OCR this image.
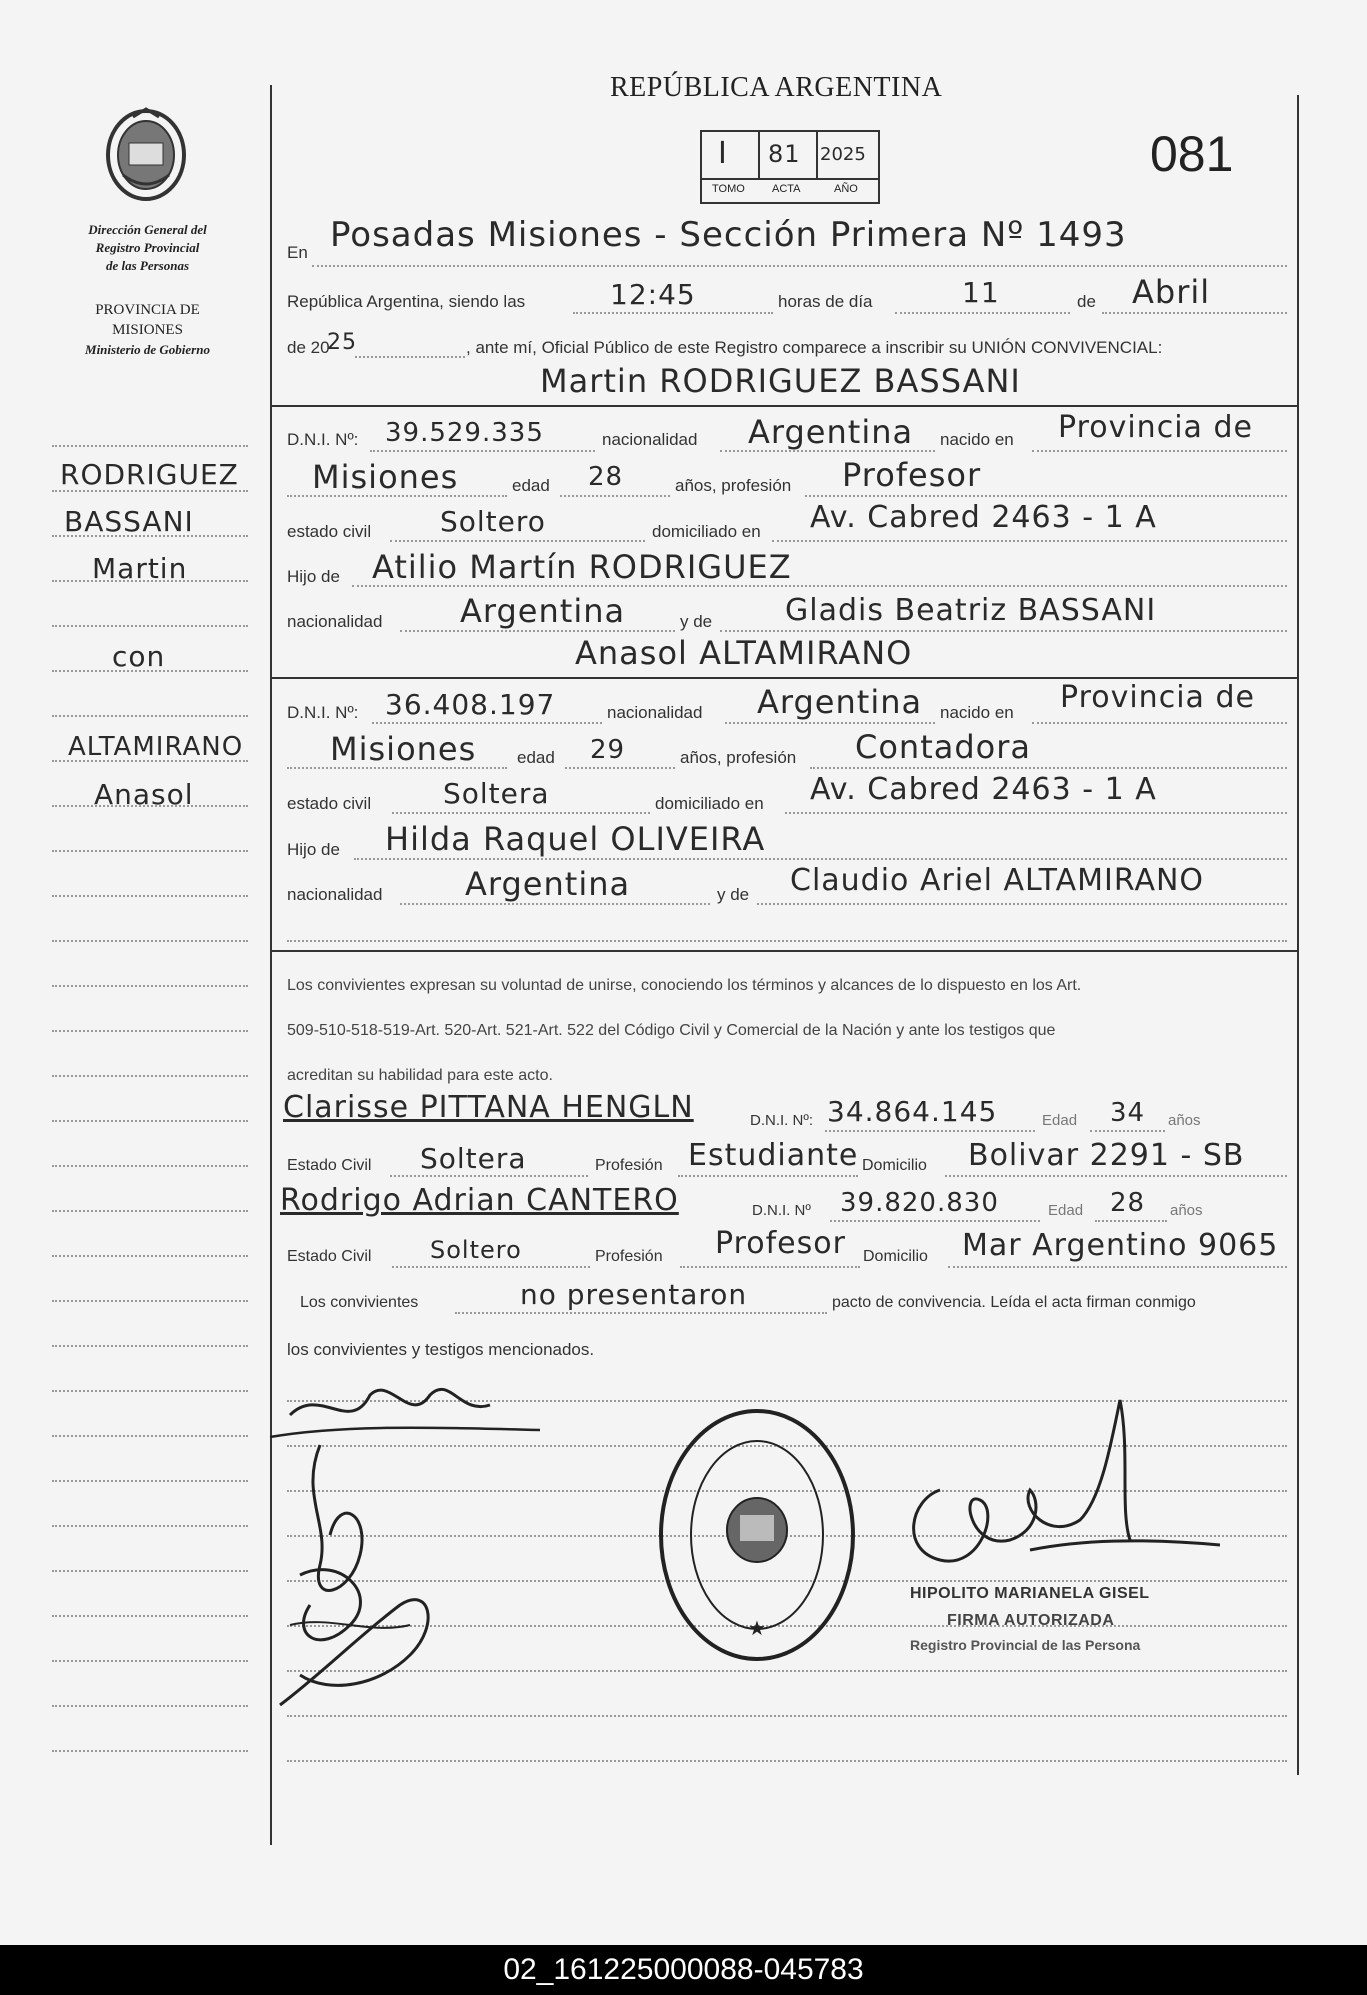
REPÚBLICA ARGENTINA
081
I 81 2025
TOMO ACTA	AÑO
Dirección General del
Registro Provincial
de las Personas
PROVINCIA DE
MISIONES
Ministerio de Gobierno
RODRIGUEZ
BASSANI
Martin
con
ALTAMIRANO
Anasol
En Posadas Misiones - Sección Primera Nº 1493
República Argentina, siendo las	12:45	horas de día	11	de Abril
de 20
25	, ante mí, Oficial Público de este Registro comparece a inscribir su UNIÓN CONVIVENCIAL:
Martin RODRIGUEZ BASSANI
D.N.I. Nº: 39.529.335	nacionalidad Argentina nacido en Provincia de
Misiones	edad 28	años, profesión Profesor
estado civil Soltero	domiciliado en Av. Cabred 2463 - 1 A
Hijo de Atilio Martín RODRIGUEZ
nacionalidad Argentina	y de Gladis Beatriz BASSANI
Anasol ALTAMIRANO
D.N.I. Nº: 36.408.197	nacionalidad Argentina nacido en Provincia de
Misiones edad 29	años, profesión Contadora
estado civil	Soltera	domiciliado en Av. Cabred 2463 - 1 A
Hijo de Hilda Raquel OLIVEIRA
nacionalidad	Argentina	y de Claudio Ariel ALTAMIRANO
Los convivientes expresan su voluntad de unirse, conociendo los términos y alcances de lo dispuesto en los Art.
509-510-518-519-Art. 520-Art. 521-Art. 522 del Código Civil y Comercial de la Nación y ante los testigos que
acreditan su habilidad para este acto.
Clarisse PITTANA HENGLN	D.N.I. Nº: 34.864.145	Edad 34 años
Estado Civil Soltera	Profesión Estudiante Domicilio Bolivar 2291 - SB
Rodrigo Adrian CANTERO	D.N.I. Nº 39.820.830	Edad 28 años
Estado Civil Soltero	Profesión Profesor Domicilio Mar Argentino 9065
Los convivientes	no presentaron	pacto de convivencia. Leída el acta firman conmigo
los convivientes y testigos mencionados.
★
HIPOLITO MARIANELA GISEL
FIRMA AUTORIZADA
Registro Provincial de las Persona
02_161225000088-045783
